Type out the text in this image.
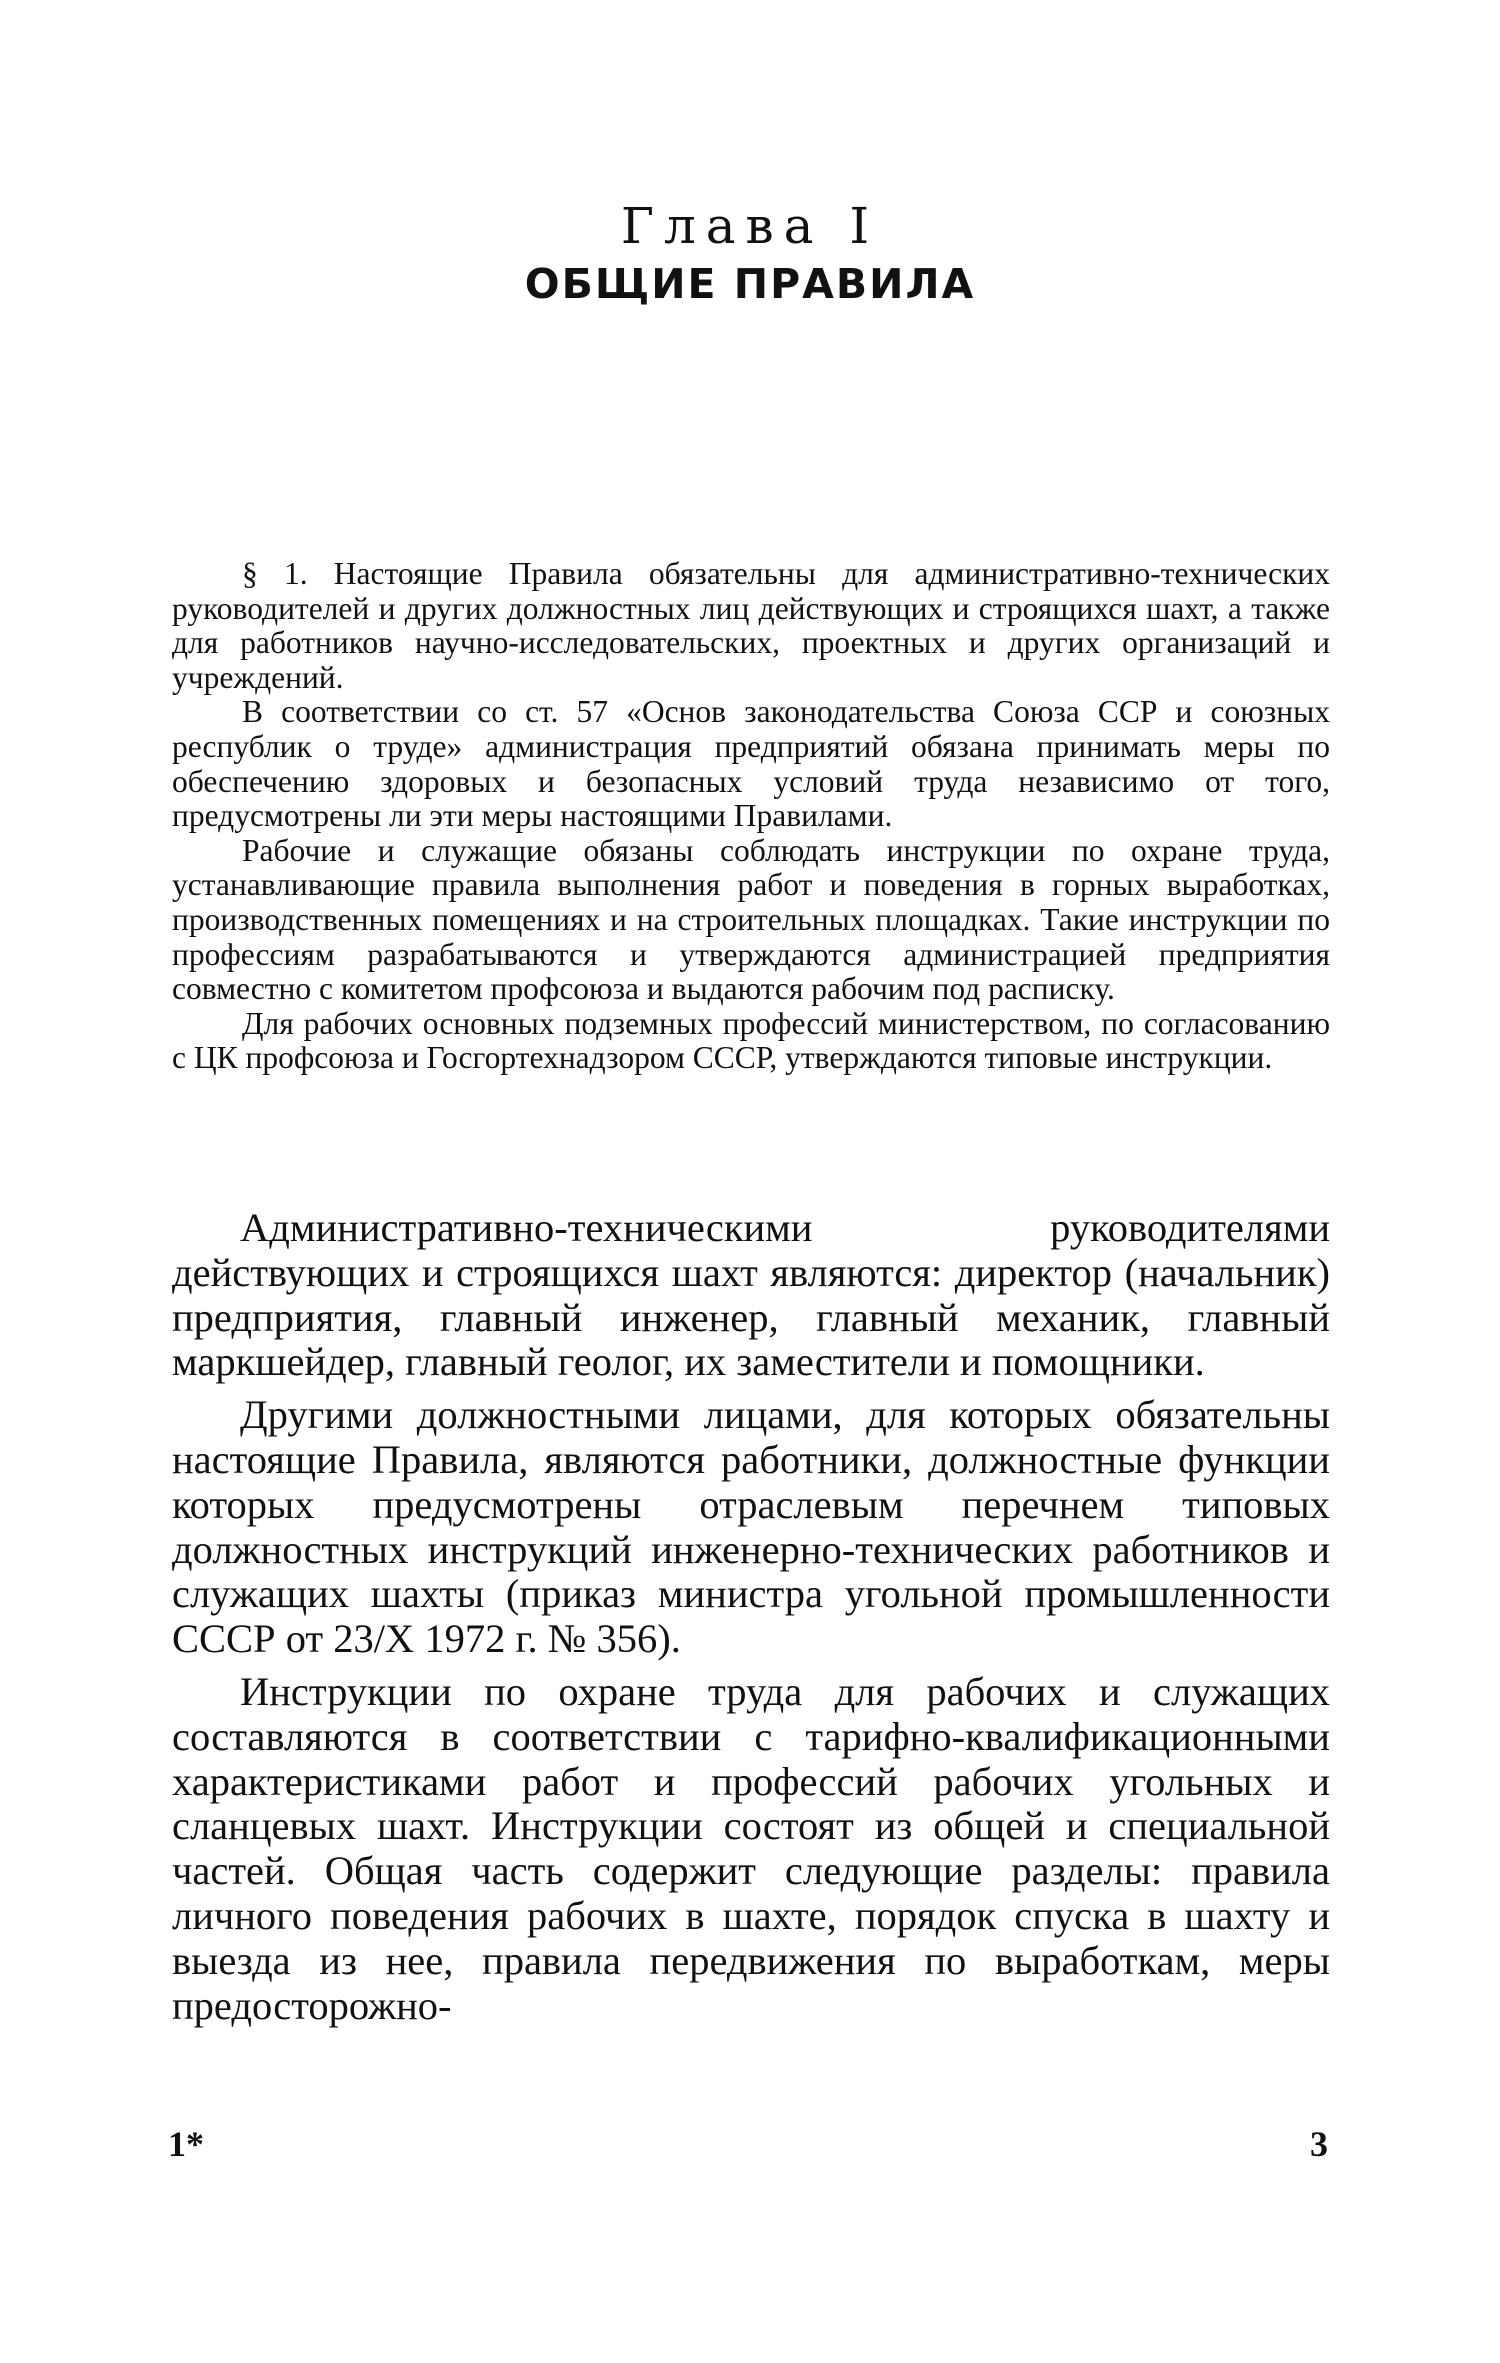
Глава I
ОБЩИЕ ПРАВИЛА

§ 1. Настоящие Правила обязательны для административно-технических руководителей и других должностных лиц действующих и строящихся шахт, а также для работников научно-исследовательских, проектных и других организаций и учреждений.

В соответствии со ст. 57 «Основ законодательства Союза ССР и союзных республик о труде» администрация предприятий обязана принимать меры по обеспечению здоровых и безопасных условий труда независимо от того, предусмотрены ли эти меры настоящими Правилами.

Рабочие и служащие обязаны соблюдать инструкции по охране труда, устанавливающие правила выполнения работ и поведения в горных выработках, производственных помещениях и на строительных площадках. Такие инструкции по профессиям разрабатываются и утверждаются администрацией предприятия совместно с комитетом профсоюза и выдаются рабочим под расписку.

Для рабочих основных подземных профессий министерством, по согласованию с ЦК профсоюза и Госгортехнадзором СССР, утверждаются типовые инструкции.

Административно-техническими руководителями действующих и строящихся шахт являются: директор (начальник) предприятия, главный инженер, главный механик, главный маркшейдер, главный геолог, их заместители и помощники.

Другими должностными лицами, для которых обязательны настоящие Правила, являются работники, должностные функции которых предусмотрены отраслевым перечнем типовых должностных инструкций инженерно-технических работников и служащих шахты (приказ министра угольной промышленности СССР от 23/X 1972 г. № 356).

Инструкции по охране труда для рабочих и служащих составляются в соответствии с тарифно-квалификационными характеристиками работ и профессий рабочих угольных и сланцевых шахт. Инструкции состоят из общей и специальной частей. Общая часть содержит следующие разделы: правила личного поведения рабочих в шахте, порядок спуска в шахту и выезда из нее, правила передвижения по выработкам, меры предосторожно-

1*	3
